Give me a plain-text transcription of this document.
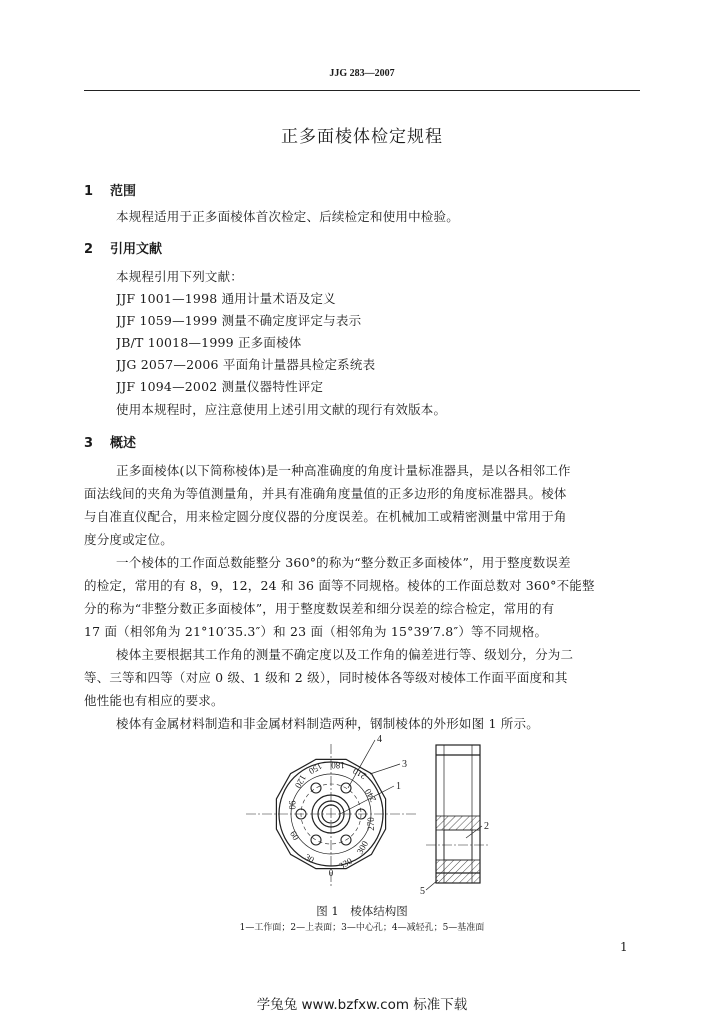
JJG 283—2007
正多面棱体检定规程
1 范围
本规程适用于正多面棱体首次检定、后续检定和使用中检验。
2 引用文献
本规程引用下列文献：
JJF 1001—1998 通用计量术语及定义
JJF 1059—1999 测量不确定度评定与表示
JB/T 10018—1999 正多面棱体
JJG 2057—2006 平面角计量器具检定系统表
JJF 1094—2002 测量仪器特性评定
使用本规程时，应注意使用上述引用文献的现行有效版本。
3 概述
正多面棱体(以下简称棱体)是一种高准确度的角度计量标准器具，是以各相邻工作
面法线间的夹角为等值测量角，并具有准确角度量值的正多边形的角度标准器具。棱体
与自准直仪配合，用来检定圆分度仪器的分度误差。在机械加工或精密测量中常用于角
度分度或定位。
一个棱体的工作面总数能整分 360°的称为“整分数正多面棱体”，用于整度数误差
的检定，常用的有 8，9，12，24 和 36 面等不同规格。棱体的工作面总数对 360°不能整
分的称为“非整分数正多面棱体”，用于整度数误差和细分误差的综合检定，常用的有
17 面（相邻角为 21°10′35.3″）和 23 面（相邻角为 15°39′7.8″）等不同规格。
棱体主要根据其工作角的测量不确定度以及工作角的偏差进行等、级划分，分为二
等、三等和四等（对应 0 级、1 级和 2 级），同时棱体各等级对棱体工作面平面度和其
他性能也有相应的要求。
棱体有金属材料制造和非金属材料制造两种，钢制棱体的外形如图 1 所示。
0
30
60
90
120
150 180
210
240
270
300
330
1
2
3
4
5
图 1　棱体结构图
1—工作面；2—上表面；3—中心孔；4—减轻孔；5—基准面
1
学兔兔 www.bzfxw.com 标准下载
